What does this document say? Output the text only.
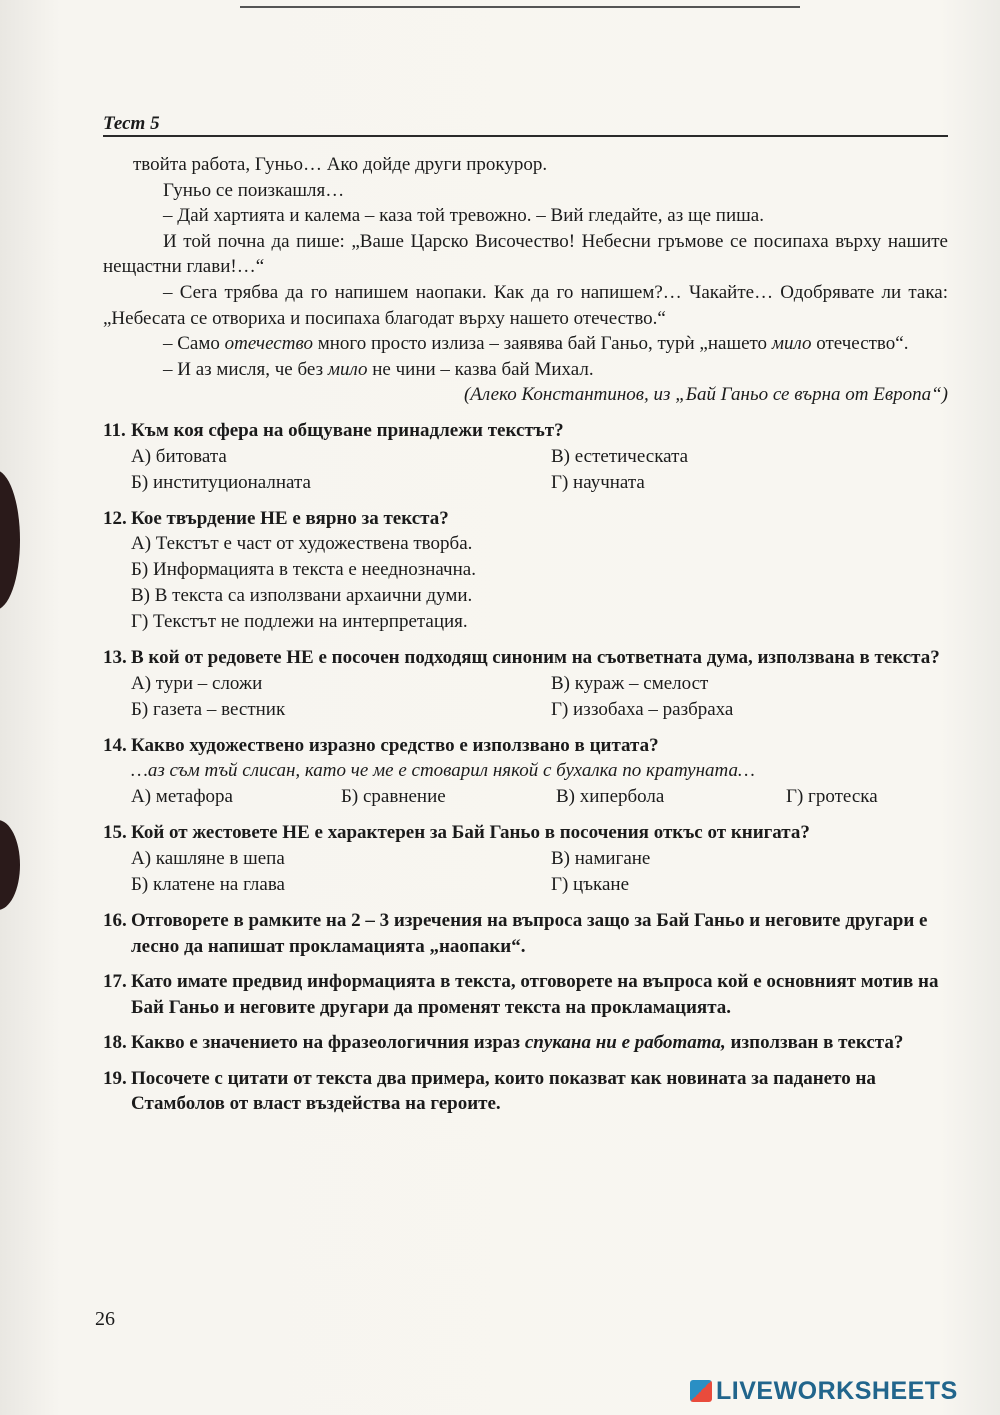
Тест 5

твойта работа, Гуньо… Ако дойде други прокурор.

Гуньо се поизкашля…

– Дай хартията и калема – каза той тревожно. – Вий гледайте, аз ще пиша.

И той почна да пише: „Ваше Царско Височество! Небесни гръмове се посипаха върху нашите нещастни глави!…“

– Сега трябва да го напишем наопаки. Как да го напишем?… Чакайте… Одобрявате ли така: „Небесата се отвориха и посипаха благодат върху нашето отечество.“

– Само отечество много просто излиза – заявява бай Ганьо, турѝ „нашето мило отечество“.

– И аз мисля, че без мило не чини – казва бай Михал.

(Алеко Константинов, из „Бай Ганьо се върна от Европа“)

11. Към коя сфера на общуване принадлежи текстът?
А) битовата	В) естетическата
Б) институционалната	Г) научната
12. Кое твърдение НЕ е вярно за текста?
А) Текстът е част от художествена творба.
Б) Информацията в текста е нееднозначна.
В) В текста са използвани архаични думи.
Г) Текстът не подлежи на интерпретация.
13. В кой от редовете НЕ е посочен подходящ синоним на съответната дума, използвана в текста?
А) тури – сложи	В) кураж – смелост
Б) газета – вестник	Г) иззобаха – разбраха
14. Какво художествено изразно средство е използвано в цитата?
…аз съм тъй слисан, като че ме е стоварил някой с бухалка по кратуната…
А) метафора	Б) сравнение	В) хипербола	Г) гротеска
15. Кой от жестовете НЕ е характерен за Бай Ганьо в посочения откъс от книгата?
А) кашляне в шепа	В) намигане
Б) клатене на глава	Г) цъкане
16. Отговорете в рамките на 2 – 3 изречения на въпроса защо за Бай Ганьо и неговите другари е лесно да напишат прокламацията „наопаки“.
17. Като имате предвид информацията в текста, отговорете на въпроса кой е основният мотив на Бай Ганьо и неговите другари да променят текста на прокламацията.
18. Какво е значението на фразеологичния израз спукана ни е работата, използван в текста?
19. Посочете с цитати от текста два примера, които показват как новината за падането на Стамболов от власт въздейства на героите.
26
LIVEWORKSHEETS
